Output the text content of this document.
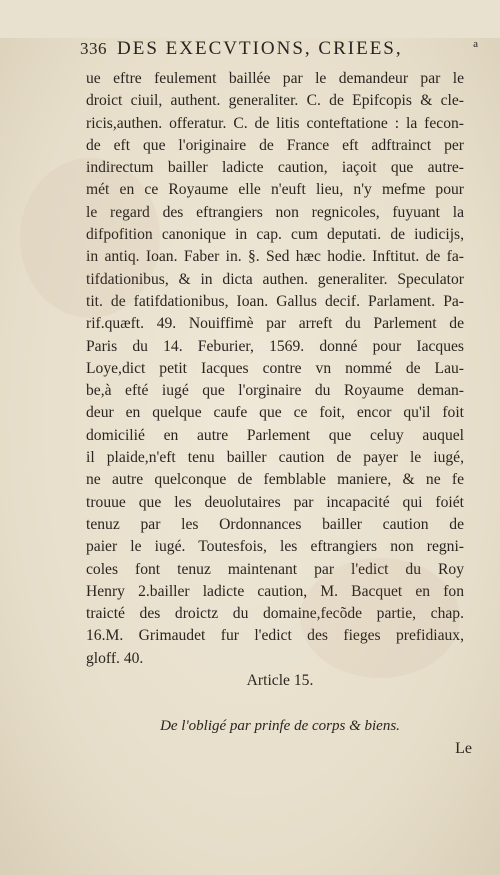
336 DES EXECVTIONS, CRIEES,	a

ue eftre feulement baillée par le demandeur par le

droict ciuil, authent. generaliter. C. de Epifcopis & cle-

ricis,authen. offeratur. C. de litis conteftatione : la fecon-

de eft que l'originaire de France eft adftrainct per

indirectum bailler ladicte caution, iaçoit que autre-

mét en ce Royaume elle n'euft lieu, n'y mefme pour

le regard des eftrangiers non regnicoles, fuyuant la

difpofition canonique in cap. cum deputati. de iudicijs,

in antiq. Ioan. Faber in. §. Sed hæc hodie. Inftitut. de fa-

tifdationibus, & in dicta authen. generaliter. Speculator

tit. de fatifdationibus, Ioan. Gallus decif. Parlament. Pa-

rif.quæft. 49. Nouiffimè par arreft du Parlement de

Paris du 14. Feburier, 1569. donné pour Iacques

Loye,dict petit Iacques contre vn nommé de Lau-

be,à efté iugé que l'orginaire du Royaume deman-

deur en quelque caufe que ce foit, encor qu'il foit

domicilié en autre Parlement que celuy auquel

il plaide,n'eft tenu bailler caution de payer le iugé,

ne autre quelconque de femblable maniere, & ne fe

trouue que les deuolutaires par incapacité qui foiét

tenuz par les Ordonnances bailler caution de

paier le iugé. Toutesfois, les eftrangiers non regni-

coles font tenuz maintenant par l'edict du Roy

Henry 2.bailler ladicte caution, M. Bacquet en fon

traicté des droictz du domaine,fecõde partie, chap.

16.M. Grimaudet fur l'edict des fieges prefidiaux,

gloff. 40.

Article 15.

De l'obligé par prinfe de corps & biens.
Le
